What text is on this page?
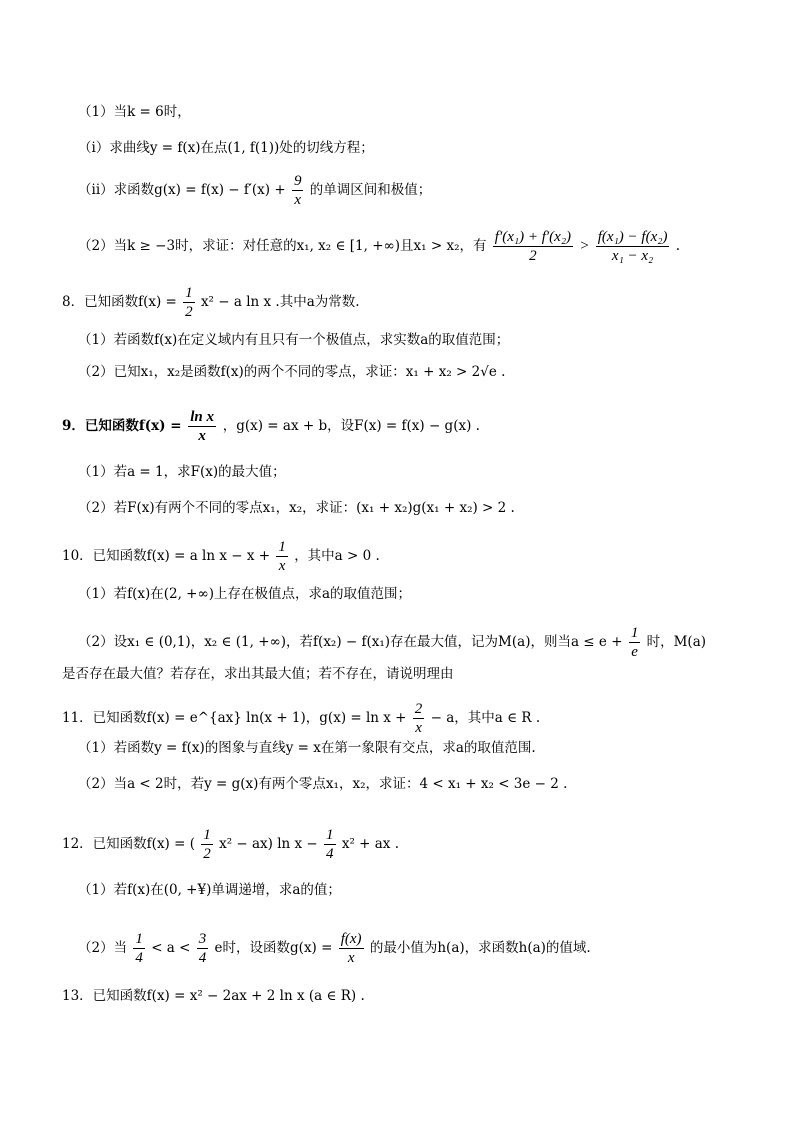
（1）当k = 6时，
（i）求曲线y = f(x)在点(1, f(1))处的切线方程；
（ii）求函数$g(x) = f(x) - f'(x) + \frac{9}{x}$ 的单调区间和极值；
（2）当k ≥ −3时，求证：对任意的x₁, x₂ ∈ [1, +∞)且x₁ > x₂，有 $\frac{\text{f′(x₁) + f′(x₂)}}{2} > \frac{\text{f(x₁) − f(x₂)}}{\text{x₁ − x₂}}$ .
8．已知函数$f(x) = \frac{1}{2} x^2 - a$ ln x .其中a为常数.
（1）若函数f(x)在定义域内有且只有一个极值点，求实数a的取值范围；
（2）已知x₁，x₂是函数f(x)的两个不同的零点，求证：x₁ + x₂ > 2√e .
9．已知函数$f(x) = \frac{\text{ln x}}{x}$ ，g(x) = ax + b，设F(x) = f(x) − g(x) .
（1）若a = 1，求F(x)的最大值；
（2）若F(x)有两个不同的零点x₁，x₂，求证：(x₁ + x₂)g(x₁ + x₂) > 2 .
10．已知函数f(x) = a $\ln x - x + \frac{1}{x}$ ，其中a > 0 .
（1）若f(x)在(2, +∞)上存在极值点，求a的取值范围；
（2）设x₁ ∈ (0,1)，x₂ ∈ (1, +∞)，若f(x₂) − f(x₁)存在最大值，记为M(a)，则当$a \le e + \frac{1}{e}$ 时，M(a)
是否存在最大值？若存在，求出其最大值；若不存在，请说明理由
11．已知函数f(x) = e^{ax} ln(x + 1)，$g(x) = \ln x + \frac{2}{x} - a$，其中a ∈ R .
（1）若函数y = f(x)的图象与直线y = x在第一象限有交点，求a的取值范围.
（2）当a < 2时，若y = g(x)有两个零点x₁，x₂，求证：4 < x₁ + x₂ < 3e − 2 .
12．已知函数f(x) = ( $\frac{1}{2} x^2 - ax$) $\ln x - \frac{1}{4} x^2$ + ax .
（1）若f(x)在(0, +¥)单调递增，求a的值；
（2）当 $\frac{1}{4} < a < \frac{3}{4}$ e时，设函数$g(x) = \frac{f(x)}{x}$ 的最小值为h(a)，求函数h(a)的值域.
13．已知函数f(x) = x² − 2ax + 2 ln x (a ∈ R) .
